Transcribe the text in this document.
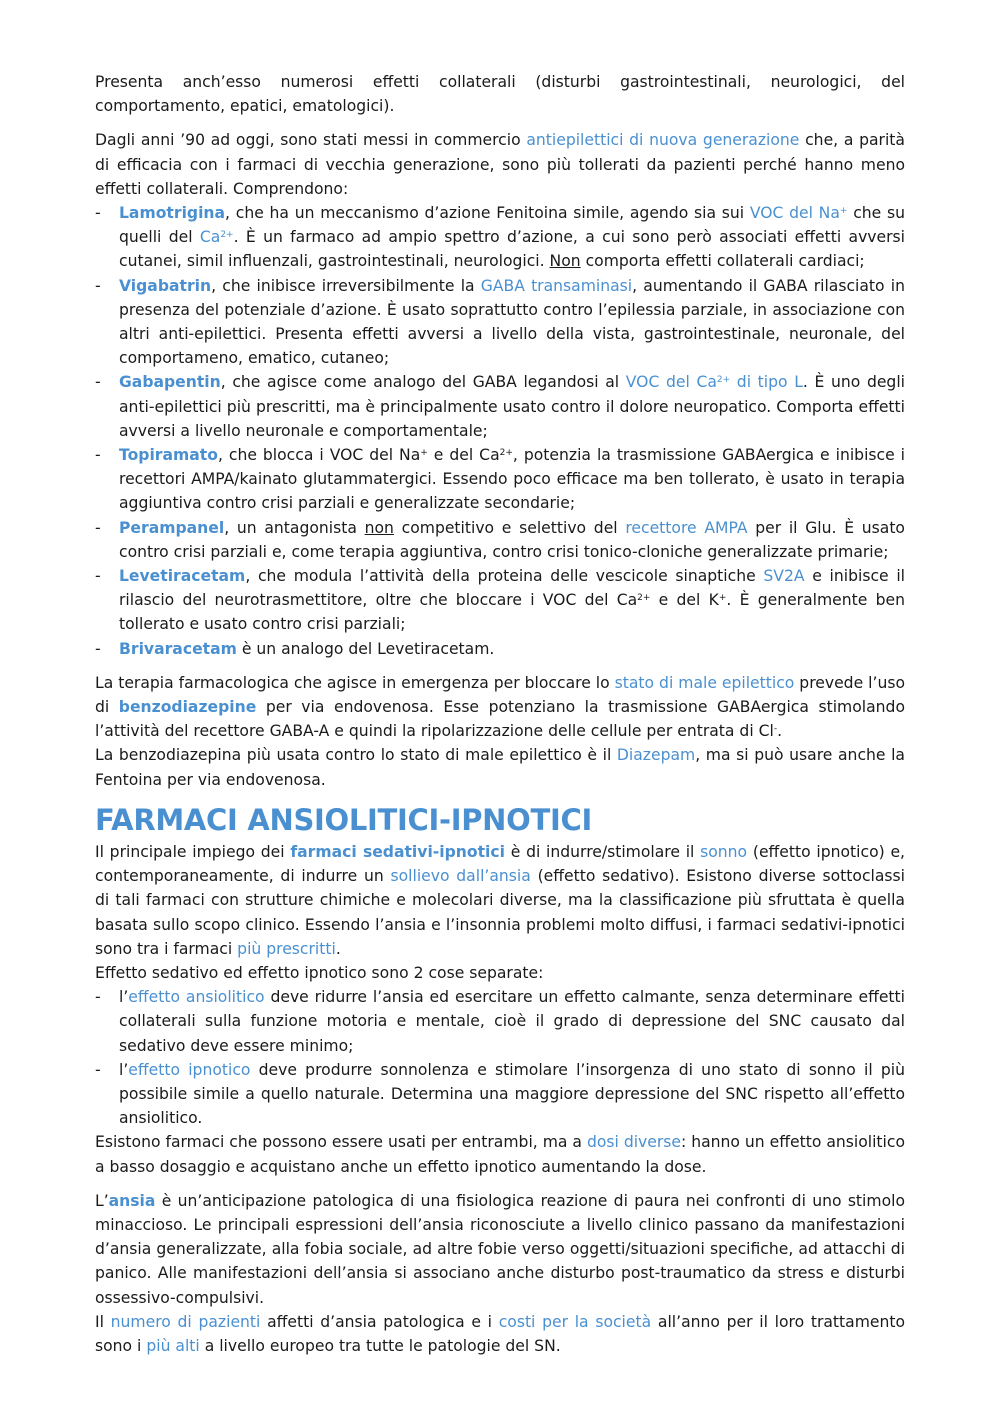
Presenta anch’esso numerosi effetti collaterali (disturbi gastrointestinali, neurologici, del comportamento, epatici, ematologici).

Dagli anni ’90 ad oggi, sono stati messi in commercio antiepilettici di nuova generazione che, a parità di efficacia con i farmaci di vecchia generazione, sono più tollerati da pazienti perché hanno meno effetti collaterali. Comprendono:

- Lamotrigina, che ha un meccanismo d’azione Fenitoina simile, agendo sia sui VOC del Na+ che su quelli del $Ca^{2+}$. È un farmaco ad ampio spettro d’azione, a cui sono però associati effetti avversi cutanei, simil influenzali, gastrointestinali, neurologici. Non comporta effetti collaterali cardiaci;
- Vigabatrin, che inibisce irreversibilmente la GABA transaminasi, aumentando il GABA rilasciato in presenza del potenziale d’azione. È usato soprattutto contro l’epilessia parziale, in associazione con altri anti-epilettici. Presenta effetti avversi a livello della vista, gastrointestinale, neuronale, del comportameno, ematico, cutaneo;
- Gabapentin, che agisce come analogo del GABA legandosi al VOC del $Ca^{2+}$ di tipo L. È uno degli anti-epilettici più prescritti, ma è principalmente usato contro il dolore neuropatico. Comporta effetti avversi a livello neuronale e comportamentale;
- Topiramato, che blocca i VOC del Na+ e del $Ca^{2+}$, potenzia la trasmissione GABAergica e inibisce i recettori AMPA/kainato glutammatergici. Essendo poco efficace ma ben tollerato, è usato in terapia aggiuntiva contro crisi parziali e generalizzate secondarie;
- Perampanel, un antagonista non competitivo e selettivo del recettore AMPA per il Glu. È usato contro crisi parziali e, come terapia aggiuntiva, contro crisi tonico-cloniche generalizzate primarie;
- Levetiracetam, che modula l’attività della proteina delle vescicole sinaptiche SV2A e inibisce il rilascio del neurotrasmettitore, oltre che bloccare i VOC del $Ca^{2+}$ e del K+. È generalmente ben tollerato e usato contro crisi parziali;
- Brivaracetam è un analogo del Levetiracetam.

La terapia farmacologica che agisce in emergenza per bloccare lo stato di male epilettico prevede l’uso di benzodiazepine per via endovenosa. Esse potenziano la trasmissione GABAergica stimolando l’attività del recettore GABA-A e quindi la ripolarizzazione delle cellule per entrata di Cl-.

La benzodiazepina più usata contro lo stato di male epilettico è il Diazepam, ma si può usare anche la Fentoina per via endovenosa.

FARMACI ANSIOLITICI-IPNOTICI

Il principale impiego dei farmaci sedativi-ipnotici è di indurre/stimolare il sonno (effetto ipnotico) e, contemporaneamente, di indurre un sollievo dall’ansia (effetto sedativo). Esistono diverse sottoclassi di tali farmaci con strutture chimiche e molecolari diverse, ma la classificazione più sfruttata è quella basata sullo scopo clinico. Essendo l’ansia e l’insonnia problemi molto diffusi, i farmaci sedativi-ipnotici sono tra i farmaci più prescritti.

Effetto sedativo ed effetto ipnotico sono 2 cose separate:

- l’effetto ansiolitico deve ridurre l’ansia ed esercitare un effetto calmante, senza determinare effetti collaterali sulla funzione motoria e mentale, cioè il grado di depressione del SNC causato dal sedativo deve essere minimo;
- l’effetto ipnotico deve produrre sonnolenza e stimolare l’insorgenza di uno stato di sonno il più possibile simile a quello naturale. Determina una maggiore depressione del SNC rispetto all’effetto ansiolitico.

Esistono farmaci che possono essere usati per entrambi, ma a dosi diverse: hanno un effetto ansiolitico a basso dosaggio e acquistano anche un effetto ipnotico aumentando la dose.

L’ansia è un’anticipazione patologica di una fisiologica reazione di paura nei confronti di uno stimolo minaccioso. Le principali espressioni dell’ansia riconosciute a livello clinico passano da manifestazioni d’ansia generalizzate, alla fobia sociale, ad altre fobie verso oggetti/situazioni specifiche, ad attacchi di panico. Alle manifestazioni dell’ansia si associano anche disturbo post-traumatico da stress e disturbi ossessivo-compulsivi.

Il numero di pazienti affetti d’ansia patologica e i costi per la società all’anno per il loro trattamento sono i più alti a livello europeo tra tutte le patologie del SN.
